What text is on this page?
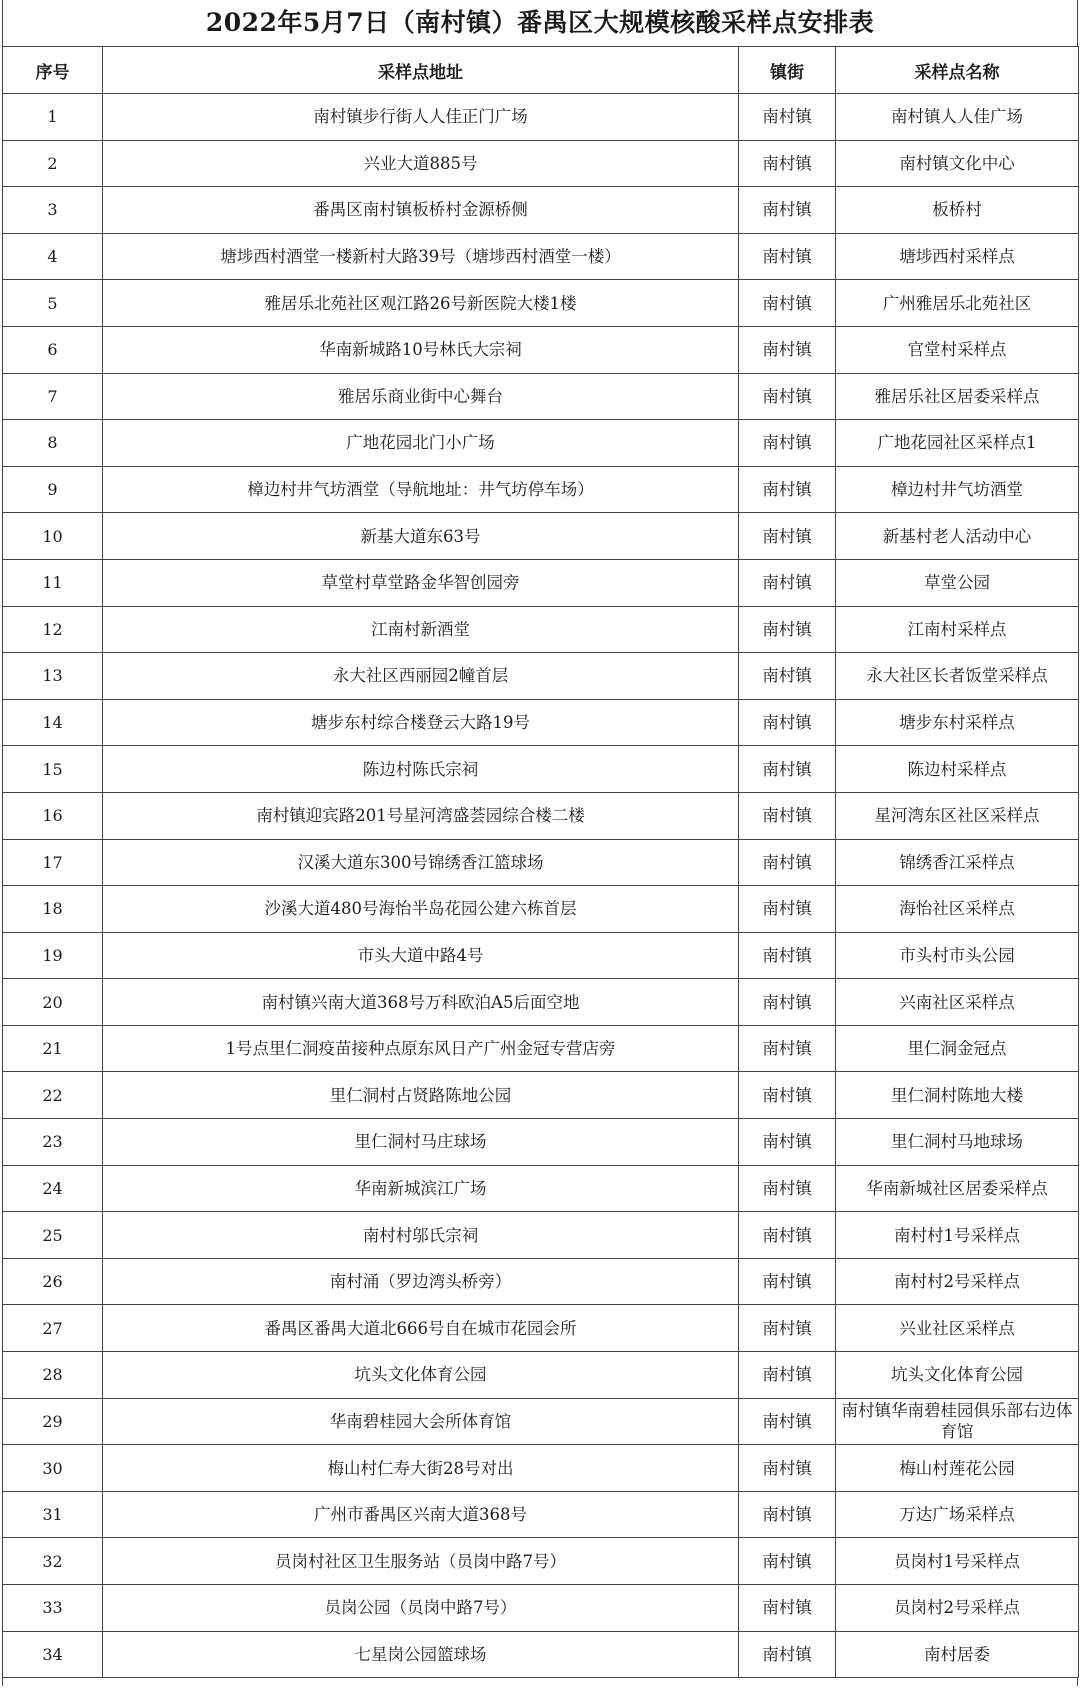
2022年5月7日（南村镇）番禺区大规模核酸采样点安排表
序号	采样点地址	镇街	采样点名称
1	南村镇步行街人人佳正门广场	南村镇	南村镇人人佳广场
2	兴业大道885号	南村镇	南村镇文化中心
3	番禺区南村镇板桥村金源桥侧	南村镇	板桥村
4	塘埗西村酒堂一楼新村大路39号（塘埗西村酒堂一楼）	南村镇	塘埗西村采样点
5	雅居乐北苑社区观江路26号新医院大楼1楼	南村镇	广州雅居乐北苑社区
6	华南新城路10号林氏大宗祠	南村镇	官堂村采样点
7	雅居乐商业街中心舞台	南村镇	雅居乐社区居委采样点
8	广地花园北门小广场	南村镇	广地花园社区采样点1
9	樟边村井气坊酒堂（导航地址：井气坊停车场）	南村镇	樟边村井气坊酒堂
10	新基大道东63号	南村镇	新基村老人活动中心
11	草堂村草堂路金华智创园旁	南村镇	草堂公园
12	江南村新酒堂	南村镇	江南村采样点
13	永大社区西丽园2幢首层	南村镇	永大社区长者饭堂采样点
14	塘步东村综合楼登云大路19号	南村镇	塘步东村采样点
15	陈边村陈氏宗祠	南村镇	陈边村采样点
16	南村镇迎宾路201号星河湾盛荟园综合楼二楼	南村镇	星河湾东区社区采样点
17	汉溪大道东300号锦绣香江篮球场	南村镇	锦绣香江采样点
18	沙溪大道480号海怡半岛花园公建六栋首层	南村镇	海怡社区采样点
19	市头大道中路4号	南村镇	市头村市头公园
20	南村镇兴南大道368号万科欧泊A5后面空地	南村镇	兴南社区采样点
21	1号点里仁洞疫苗接种点原东风日产广州金冠专营店旁	南村镇	里仁洞金冠点
22	里仁洞村占贤路陈地公园	南村镇	里仁洞村陈地大楼
23	里仁洞村马庄球场	南村镇	里仁洞村马地球场
24	华南新城滨江广场	南村镇	华南新城社区居委采样点
25	南村村邬氏宗祠	南村镇	南村村1号采样点
26	南村涌（罗边湾头桥旁）	南村镇	南村村2号采样点
27	番禺区番禺大道北666号自在城市花园会所	南村镇	兴业社区采样点
28	坑头文化体育公园	南村镇	坑头文化体育公园
29	华南碧桂园大会所体育馆	南村镇	南村镇华南碧桂园俱乐部右边体育馆
30	梅山村仁寿大街28号对出	南村镇	梅山村莲花公园
31	广州市番禺区兴南大道368号	南村镇	万达广场采样点
32	员岗村社区卫生服务站（员岗中路7号）	南村镇	员岗村1号采样点
33	员岗公园（员岗中路7号）	南村镇	员岗村2号采样点
34	七星岗公园篮球场	南村镇	南村居委
